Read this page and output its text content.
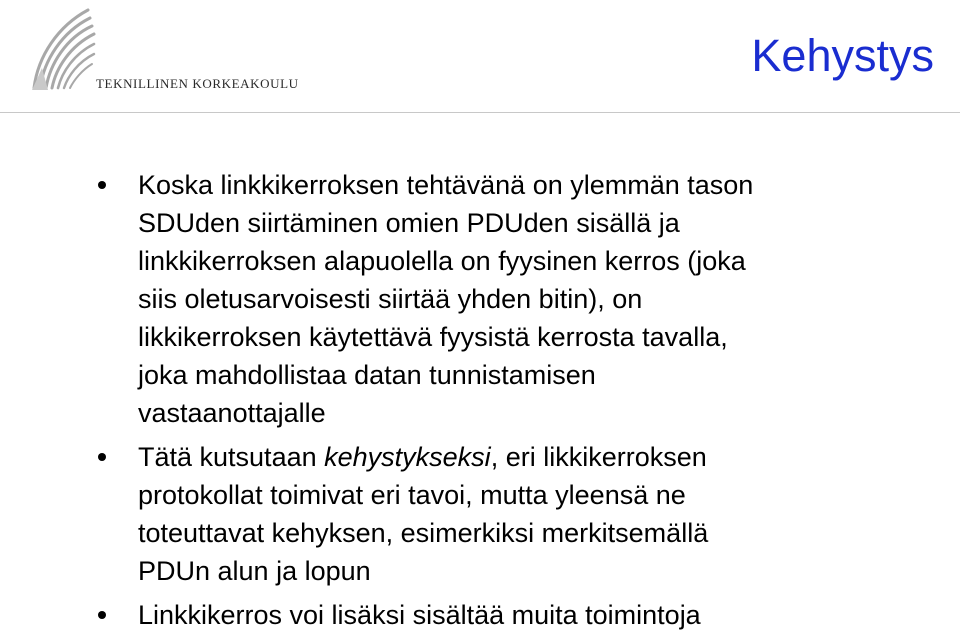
TEKNILLINEN KORKEAKOULU
Kehystys
Koska linkkikerroksen tehtävänä on ylemmän tason
SDUden siirtäminen omien PDUden sisällä ja
linkkikerroksen alapuolella on fyysinen kerros (joka
siis oletusarvoisesti siirtää yhden bitin), on
likkikerroksen käytettävä fyysistä kerrosta tavalla,
joka mahdollistaa datan tunnistamisen
vastaanottajalle
Tätä kutsutaan kehystykseksi, eri likkikerroksen
protokollat toimivat eri tavoi, mutta yleensä ne
toteuttavat kehyksen, esimerkiksi merkitsemällä
PDUn alun ja lopun
Linkkikerros voi lisäksi sisältää muita toimintoja
